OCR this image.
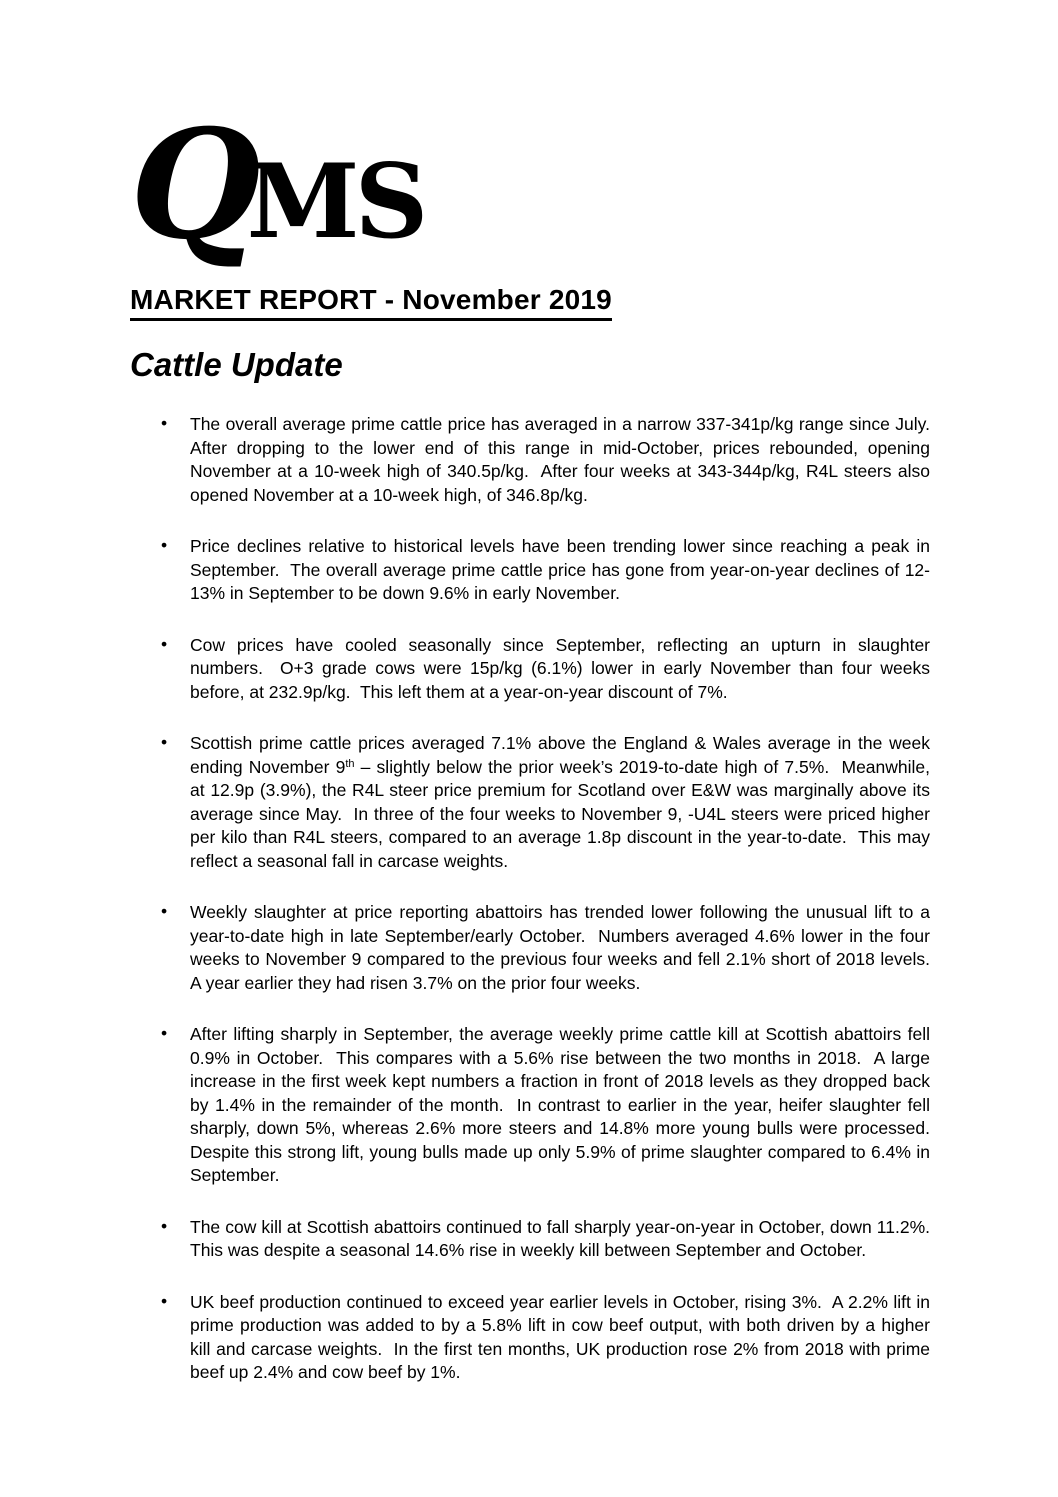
Q
MS
MARKET REPORT - November 2019
Cattle Update
• The overall average prime cattle price has averaged in a narrow 337-341p/kg range since July.  After dropping to the lower end of this range in mid-October, prices rebounded, opening November at a 10-week high of 340.5p/kg.  After four weeks at 343-344p/kg, R4L steers also opened November at a 10-week high, of 346.8p/kg.
• Price declines relative to historical levels have been trending lower since reaching a peak in September.  The overall average prime cattle price has gone from year-on-year declines of 12-13% in September to be down 9.6% in early November.
• Cow prices have cooled seasonally since September, reflecting an upturn in slaughter numbers.  O+3 grade cows were 15p/kg (6.1%) lower in early November than four weeks before, at 232.9p/kg.  This left them at a year-on-year discount of 7%.
• Scottish prime cattle prices averaged 7.1% above the England & Wales average in the week ending November 9th – slightly below the prior week’s 2019-to-date high of 7.5%.  Meanwhile, at 12.9p (3.9%), the R4L steer price premium for Scotland over E&W was marginally above its average since May.  In three of the four weeks to November 9, -U4L steers were priced higher per kilo than R4L steers, compared to an average 1.8p discount in the year-to-date.  This may reflect a seasonal fall in carcase weights.
• Weekly slaughter at price reporting abattoirs has trended lower following the unusual lift to a year-to-date high in late September/early October.  Numbers averaged 4.6% lower in the four weeks to November 9 compared to the previous four weeks and fell 2.1% short of 2018 levels.  A year earlier they had risen 3.7% on the prior four weeks.
• After lifting sharply in September, the average weekly prime cattle kill at Scottish abattoirs fell 0.9% in October.  This compares with a 5.6% rise between the two months in 2018.  A large increase in the first week kept numbers a fraction in front of 2018 levels as they dropped back by 1.4% in the remainder of the month.  In contrast to earlier in the year, heifer slaughter fell sharply, down 5%, whereas 2.6% more steers and 14.8% more young bulls were processed.  Despite this strong lift, young bulls made up only 5.9% of prime slaughter compared to 6.4% in September.
• The cow kill at Scottish abattoirs continued to fall sharply year-on-year in October, down 11.2%.  This was despite a seasonal 14.6% rise in weekly kill between September and October.
• UK beef production continued to exceed year earlier levels in October, rising 3%.  A 2.2% lift in prime production was added to by a 5.8% lift in cow beef output, with both driven by a higher kill and carcase weights.  In the first ten months, UK production rose 2% from 2018 with prime beef up 2.4% and cow beef by 1%.
